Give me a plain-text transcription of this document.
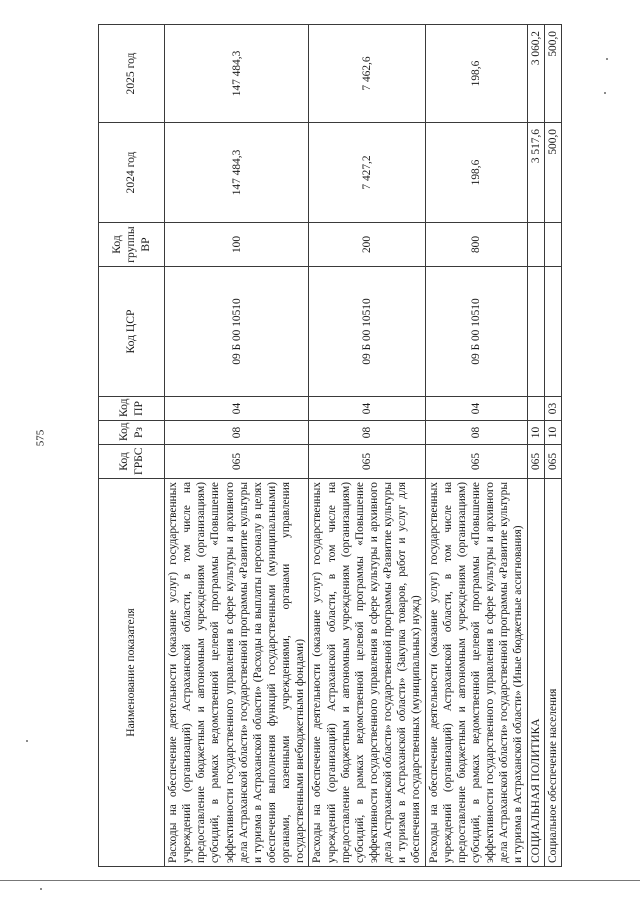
575
Наименование показателя	Код ГРБС	Код Рз	Код ПР	Код ЦСР	Код группы ВР	2024 год	2025 год
Расходы на обеспечение деятельности (оказание услуг) государственных учреждений (организаций) Астраханской области, в том числе на предоставление бюджетным и автономным учреждениям (организациям) субсидий, в рамках ведомственной целевой программы «Повышение эффективности государственного управления в сфере культуры и архивного дела Астраханской области» государственной программы «Развитие культуры и туризма в Астраханской области» (Расходы на выплаты персоналу в целях обеспечения выполнения функций государственными (муниципальными) органами, казенными учреждениями, органами управления государственными внебюджетными фондами)	065	08	04	09 Б 00 10510	100	147 484,3	147 484,3
Расходы на обеспечение деятельности (оказание услуг) государственных учреждений (организаций) Астраханской области, в том числе на предоставление бюджетным и автономным учреждениям (организациям) субсидий, в рамках ведомственной целевой программы «Повышение эффективности государственного управления в сфере культуры и архивного дела Астраханской области» государственной программы «Развитие культуры и туризма в Астраханской области» (Закупка товаров, работ и услуг для обеспечения государственных (муниципальных) нужд)	065	08	04	09 Б 00 10510	200	7 427,2	7 462,6
Расходы на обеспечение деятельности (оказание услуг) государственных учреждений (организаций) Астраханской области, в том числе на предоставление бюджетным и автономным учреждениям (организациям) субсидий, в рамках ведомственной целевой программы «Повышение эффективности государственного управления в сфере культуры и архивного дела Астраханской области» государственной программы «Развитие культуры и туризма в Астраханской области» (Иные бюджетные ассигнования)	065	08	04	09 Б 00 10510	800	198,6	198,6
СОЦИАЛЬНАЯ ПОЛИТИКА	065	10				3 517,6	3 060,2
Социальное обеспечение населения	065	10	03			500,0	500,0
